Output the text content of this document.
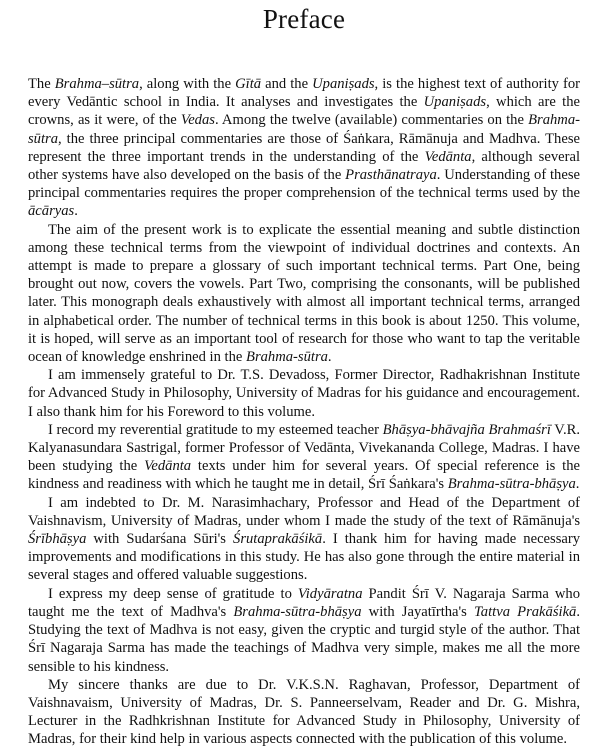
Preface

The Brahma–sūtra, along with the Gītā and the Upaniṣads, is the highest text of authority for every Vedāntic school in India. It analyses and investigates the Upaniṣads, which are the crowns, as it were, of the Vedas. Among the twelve (available) commentaries on the Brahma-sūtra, the three principal commentaries are those of Śaṅkara, Rāmānuja and Madhva. These represent the three important trends in the understanding of the Vedānta, although several other systems have also developed on the basis of the Prasthānatraya. Understanding of these principal commentaries requires the proper comprehension of the technical terms used by the ācāryas.

The aim of the present work is to explicate the essential meaning and subtle distinction among these technical terms from the viewpoint of individual doctrines and contexts. An attempt is made to prepare a glossary of such important technical terms. Part One, being brought out now, covers the vowels. Part Two, comprising the consonants, will be published later. This monograph deals exhaustively with almost all important technical terms, arranged in alphabetical order. The number of technical terms in this book is about 1250. This volume, it is hoped, will serve as an important tool of research for those who want to tap the veritable ocean of knowledge enshrined in the Brahma-sūtra.

I am immensely grateful to Dr. T.S. Devadoss, Former Director, Radhakrishnan Institute for Advanced Study in Philosophy, University of Madras for his guidance and encouragement. I also thank him for his Foreword to this volume.

I record my reverential gratitude to my esteemed teacher Bhāṣya-bhāvajña Brahmaśrī V.R. Kalyanasundara Sastrigal, former Professor of Vedānta, Vivekananda College, Madras. I have been studying the Vedānta texts under him for several years. Of special reference is the kindness and readiness with which he taught me in detail, Śrī Śaṅkara's Brahma-sūtra-bhāṣya.

I am indebted to Dr. M. Narasimhachary, Professor and Head of the Department of Vaishnavism, University of Madras, under whom I made the study of the text of Rāmānuja's Śrībhāṣya with Sudarśana Sūri's Śrutaprakāśikā. I thank him for having made necessary improvements and modifications in this study. He has also gone through the entire material in several stages and offered valuable suggestions.

I express my deep sense of gratitude to Vidyāratna Pandit Śrī V. Nagaraja Sarma who taught me the text of Madhva's Brahma-sūtra-bhāṣya with Jayatīrtha's Tattva Prakāśikā. Studying the text of Madhva is not easy, given the cryptic and turgid style of the author. That Śrī Nagaraja Sarma has made the teachings of Madhva very simple, makes me all the more sensible to his kindness.

My sincere thanks are due to Dr. V.K.S.N. Raghavan, Professor, Department of Vaishnavaism, University of Madras, Dr. S. Panneerselvam, Reader and Dr. G. Mishra, Lecturer in the Radhkrishnan Institute for Advanced Study in Philosophy, University of Madras, for their kind help in various aspects connected with the publication of this volume.
